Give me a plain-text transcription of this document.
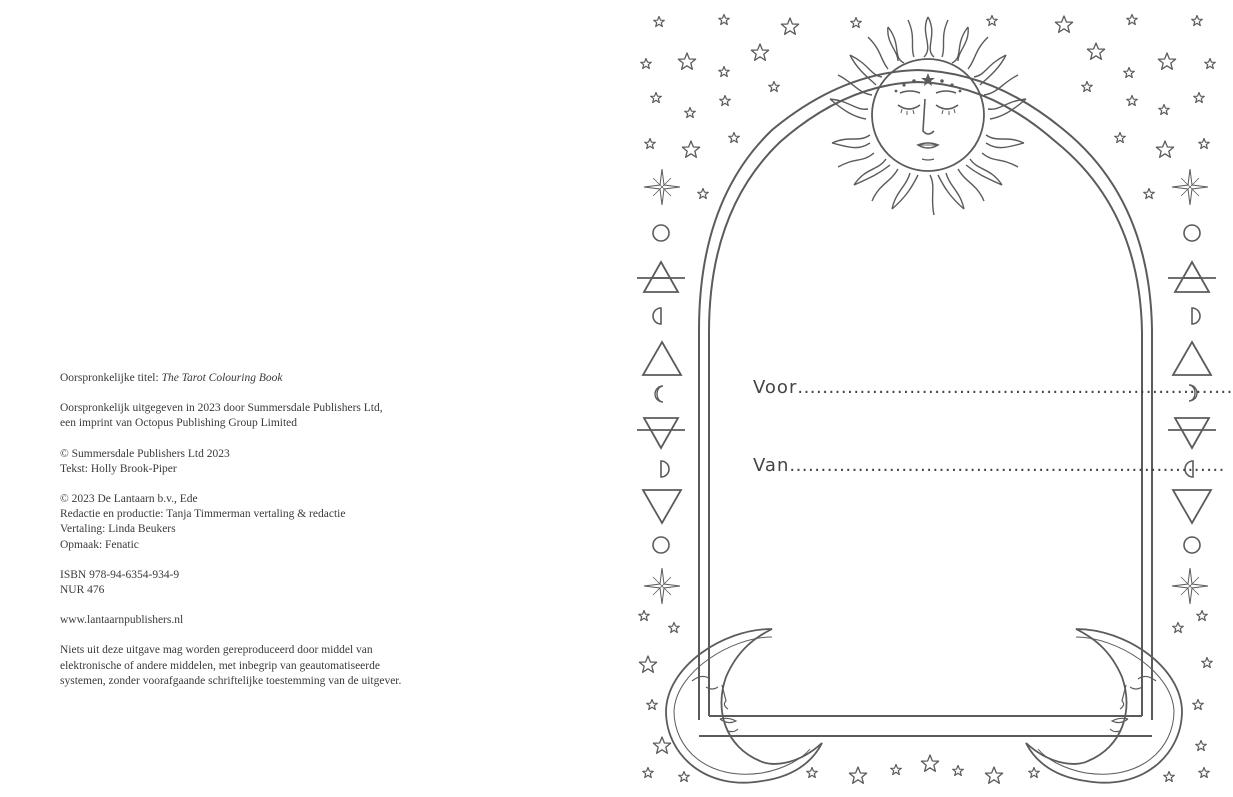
Oorspronkelijke titel: The Tarot Colouring Book
Oorspronkelijk uitgegeven in 2023 door Summersdale Publishers Ltd,
een imprint van Octopus Publishing Group Limited
© Summersdale Publishers Ltd 2023
Tekst: Holly Brook-Piper
© 2023 De Lantaarn b.v., Ede
Redactie en productie: Tanja Timmerman vertaling & redactie
Vertaling: Linda Beukers
Opmaak: Fenatic
ISBN 978-94-6354-934-9
NUR 476
www.lantaarnpublishers.nl
Niets uit deze uitgave mag worden gereproduceerd door middel van elektronische of andere middelen, met inbegrip van geautomatiseerde systemen, zonder voorafgaande schriftelijke toestemming van de uitgever.
Voor......................................................................
Van......................................................................
